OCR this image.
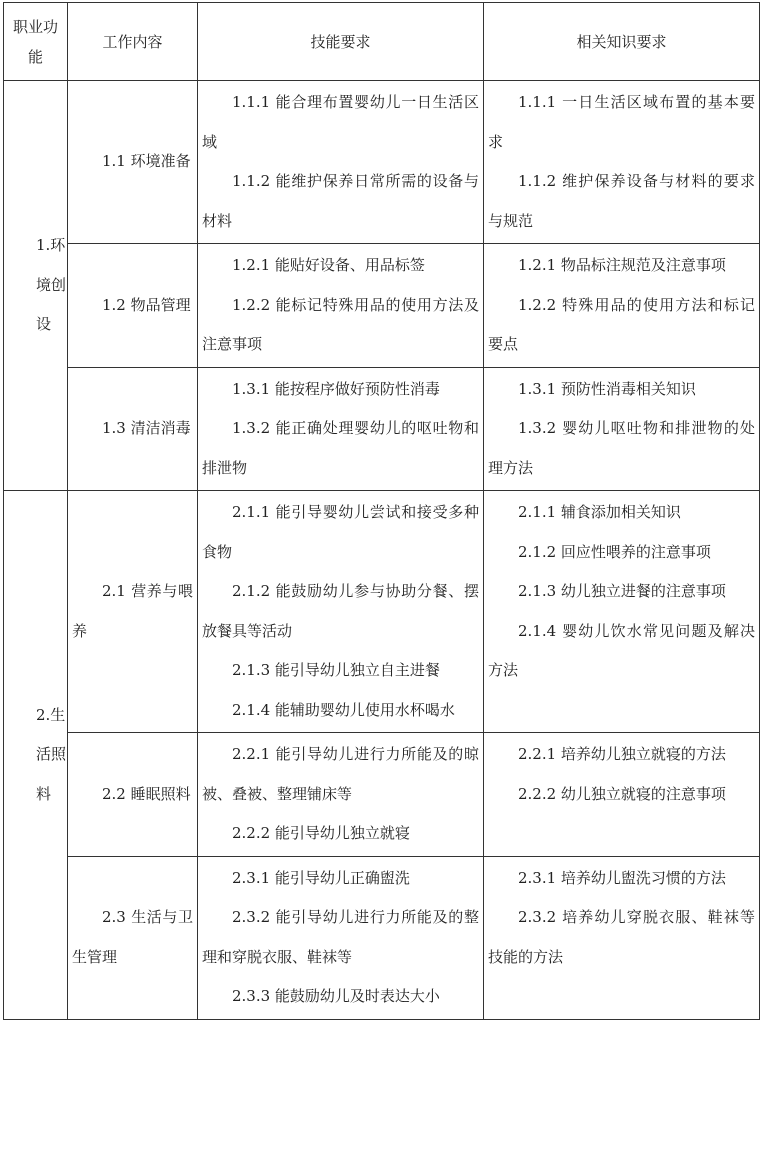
职业功能	工作内容	技能要求	相关知识要求

1.环境创设	1.1 环境准备	1.1.1 能合理布置婴幼儿一日生活区域
1.1.2 能维护保养日常所需的设备与材料	1.1.1 一日生活区域布置的基本要求
1.1.2 维护保养设备与材料的要求与规范

	1.2 物品管理	1.2.1 能贴好设备、用品标签
1.2.2 能标记特殊用品的使用方法及注意事项	1.2.1 物品标注规范及注意事项
1.2.2 特殊用品的使用方法和标记要点

	1.3 清洁消毒	1.3.1 能按程序做好预防性消毒
1.3.2 能正确处理婴幼儿的呕吐物和排泄物	1.3.1 预防性消毒相关知识
1.3.2 婴幼儿呕吐物和排泄物的处理方法

2.生活照料	2.1 营养与喂养	2.1.1 能引导婴幼儿尝试和接受多种食物
2.1.2 能鼓励幼儿参与协助分餐、摆放餐具等活动
2.1.3 能引导幼儿独立自主进餐
2.1.4 能辅助婴幼儿使用水杯喝水	2.1.1 辅食添加相关知识
2.1.2 回应性喂养的注意事项
2.1.3 幼儿独立进餐的注意事项
2.1.4 婴幼儿饮水常见问题及解决方法

	2.2 睡眠照料	2.2.1 能引导幼儿进行力所能及的晾被、叠被、整理铺床等
2.2.2 能引导幼儿独立就寝	2.2.1 培养幼儿独立就寝的方法
2.2.2 幼儿独立就寝的注意事项

	2.3 生活与卫生管理	2.3.1 能引导幼儿正确盥洗
2.3.2 能引导幼儿进行力所能及的整理和穿脱衣服、鞋袜等
2.3.3 能鼓励幼儿及时表达大小	2.3.1 培养幼儿盥洗习惯的方法
2.3.2 培养幼儿穿脱衣服、鞋袜等技能的方法
